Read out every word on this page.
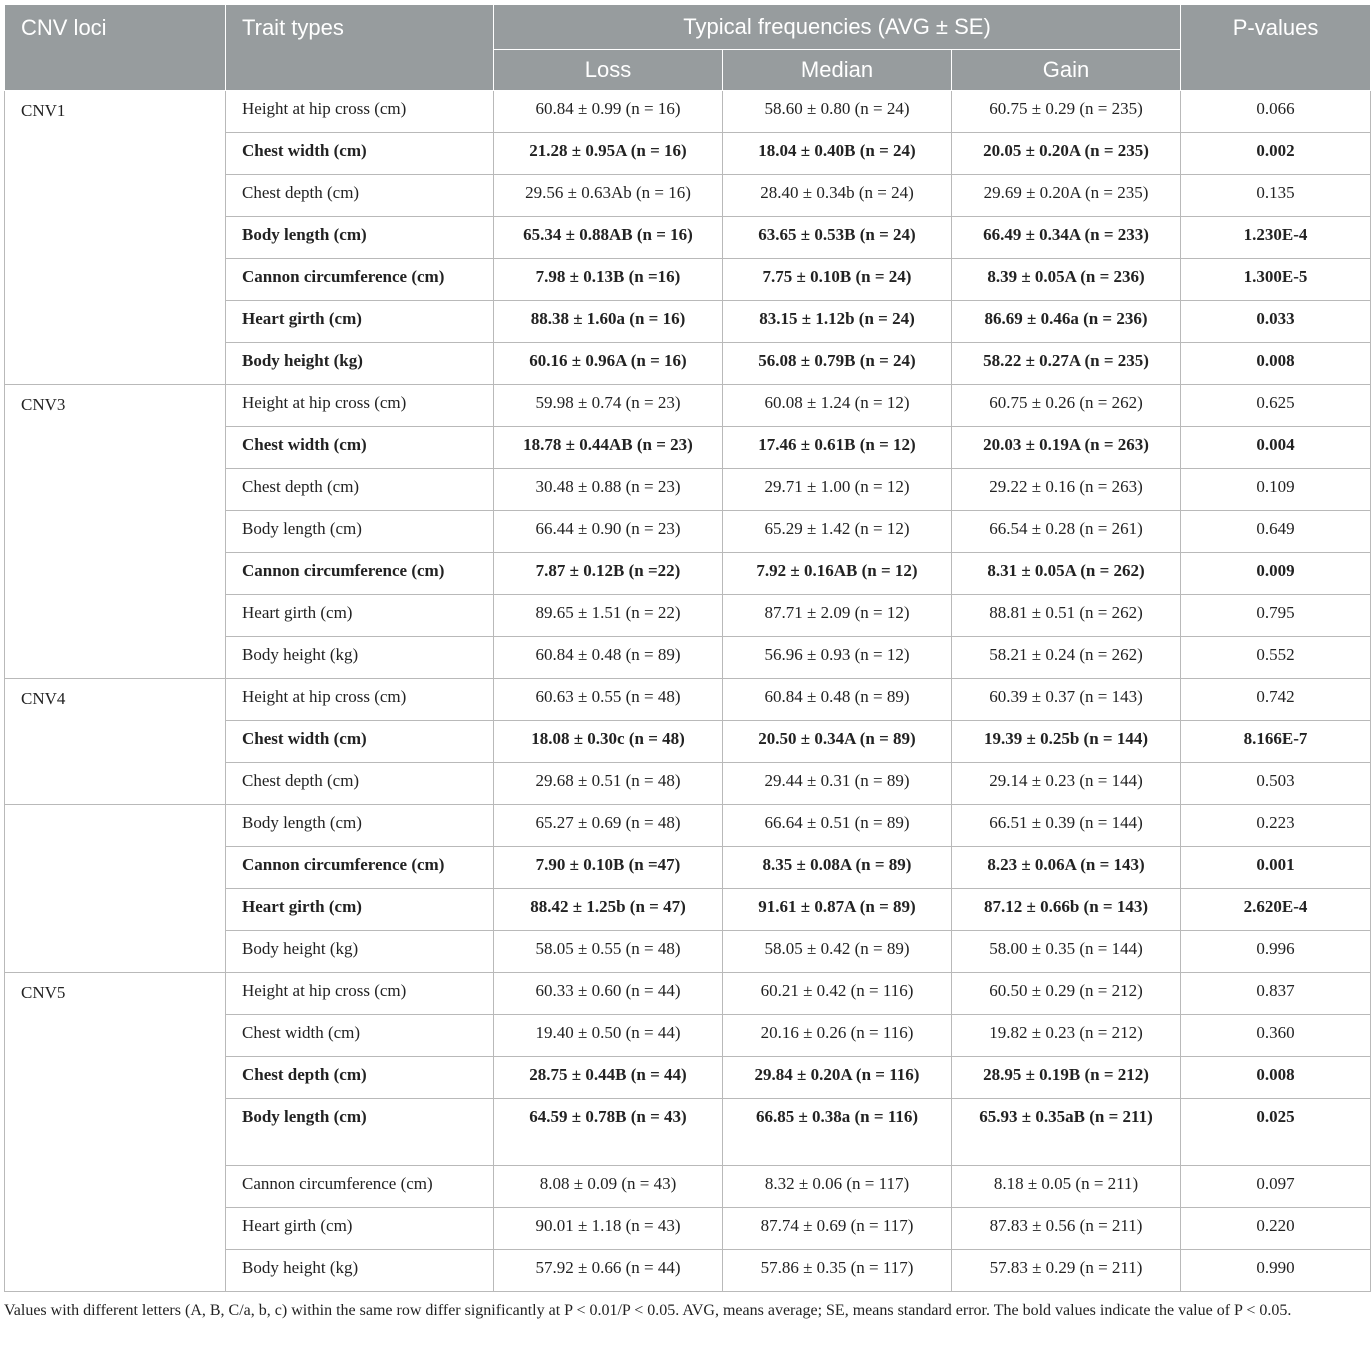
CNV loci	Trait types	Typical frequencies (AVG ± SE)			P-values
		Loss	Median	Gain	
CNV1	Height at hip cross (cm)	60.84 ± 0.99 (n = 16)	58.60 ± 0.80 (n = 24)	60.75 ± 0.29 (n = 235)	0.066
	Chest width (cm)	21.28 ± 0.95A (n = 16)	18.04 ± 0.40B (n = 24)	20.05 ± 0.20A (n = 235)	0.002
	Chest depth (cm)	29.56 ± 0.63Ab (n = 16)	28.40 ± 0.34b (n = 24)	29.69 ± 0.20A (n = 235)	0.135
	Body length (cm)	65.34 ± 0.88AB (n = 16)	63.65 ± 0.53B (n = 24)	66.49 ± 0.34A (n = 233)	1.230E-4
	Cannon circumference (cm)	7.98 ± 0.13B (n =16)	7.75 ± 0.10B (n = 24)	8.39 ± 0.05A (n = 236)	1.300E-5
	Heart girth (cm)	88.38 ± 1.60a (n = 16)	83.15 ± 1.12b (n = 24)	86.69 ± 0.46a (n = 236)	0.033
	Body height (kg)	60.16 ± 0.96A (n = 16)	56.08 ± 0.79B (n = 24)	58.22 ± 0.27A (n = 235)	0.008
CNV3	Height at hip cross (cm)	59.98 ± 0.74 (n = 23)	60.08 ± 1.24 (n = 12)	60.75 ± 0.26 (n = 262)	0.625
	Chest width (cm)	18.78 ± 0.44AB (n = 23)	17.46 ± 0.61B (n = 12)	20.03 ± 0.19A (n = 263)	0.004
	Chest depth (cm)	30.48 ± 0.88 (n = 23)	29.71 ± 1.00 (n = 12)	29.22 ± 0.16 (n = 263)	0.109
	Body length (cm)	66.44 ± 0.90 (n = 23)	65.29 ± 1.42 (n = 12)	66.54 ± 0.28 (n = 261)	0.649
	Cannon circumference (cm)	7.87 ± 0.12B (n =22)	7.92 ± 0.16AB (n = 12)	8.31 ± 0.05A (n = 262)	0.009
	Heart girth (cm)	89.65 ± 1.51 (n = 22)	87.71 ± 2.09 (n = 12)	88.81 ± 0.51 (n = 262)	0.795
	Body height (kg)	60.84 ± 0.48 (n = 89)	56.96 ± 0.93 (n = 12)	58.21 ± 0.24 (n = 262)	0.552
CNV4	Height at hip cross (cm)	60.63 ± 0.55 (n = 48)	60.84 ± 0.48 (n = 89)	60.39 ± 0.37 (n = 143)	0.742
	Chest width (cm)	18.08 ± 0.30c (n = 48)	20.50 ± 0.34A (n = 89)	19.39 ± 0.25b (n = 144)	8.166E-7
	Chest depth (cm)	29.68 ± 0.51 (n = 48)	29.44 ± 0.31 (n = 89)	29.14 ± 0.23 (n = 144)	0.503
	Body length (cm)	65.27 ± 0.69 (n = 48)	66.64 ± 0.51 (n = 89)	66.51 ± 0.39 (n = 144)	0.223
	Cannon circumference (cm)	7.90 ± 0.10B (n =47)	8.35 ± 0.08A (n = 89)	8.23 ± 0.06A (n = 143)	0.001
	Heart girth (cm)	88.42 ± 1.25b (n = 47)	91.61 ± 0.87A (n = 89)	87.12 ± 0.66b (n = 143)	2.620E-4
	Body height (kg)	58.05 ± 0.55 (n = 48)	58.05 ± 0.42 (n = 89)	58.00 ± 0.35 (n = 144)	0.996
CNV5	Height at hip cross (cm)	60.33 ± 0.60 (n = 44)	60.21 ± 0.42 (n = 116)	60.50 ± 0.29 (n = 212)	0.837
	Chest width (cm)	19.40 ± 0.50 (n = 44)	20.16 ± 0.26 (n = 116)	19.82 ± 0.23 (n = 212)	0.360
	Chest depth (cm)	28.75 ± 0.44B (n = 44)	29.84 ± 0.20A (n = 116)	28.95 ± 0.19B (n = 212)	0.008
	Body length (cm)	64.59 ± 0.78B (n = 43)	66.85 ± 0.38a (n = 116)	65.93 ± 0.35aB (n = 211)	0.025
	Cannon circumference (cm)	8.08 ± 0.09 (n = 43)	8.32 ± 0.06 (n = 117)	8.18 ± 0.05 (n = 211)	0.097
	Heart girth (cm)	90.01 ± 1.18 (n = 43)	87.74 ± 0.69 (n = 117)	87.83 ± 0.56 (n = 211)	0.220
	Body height (kg)	57.92 ± 0.66 (n = 44)	57.86 ± 0.35 (n = 117)	57.83 ± 0.29 (n = 211)	0.990
Values with different letters (A, B, C/a, b, c) within the same row differ significantly at P < 0.01/P < 0.05. AVG, means average; SE, means standard error. The bold values indicate the value of P < 0.05.
